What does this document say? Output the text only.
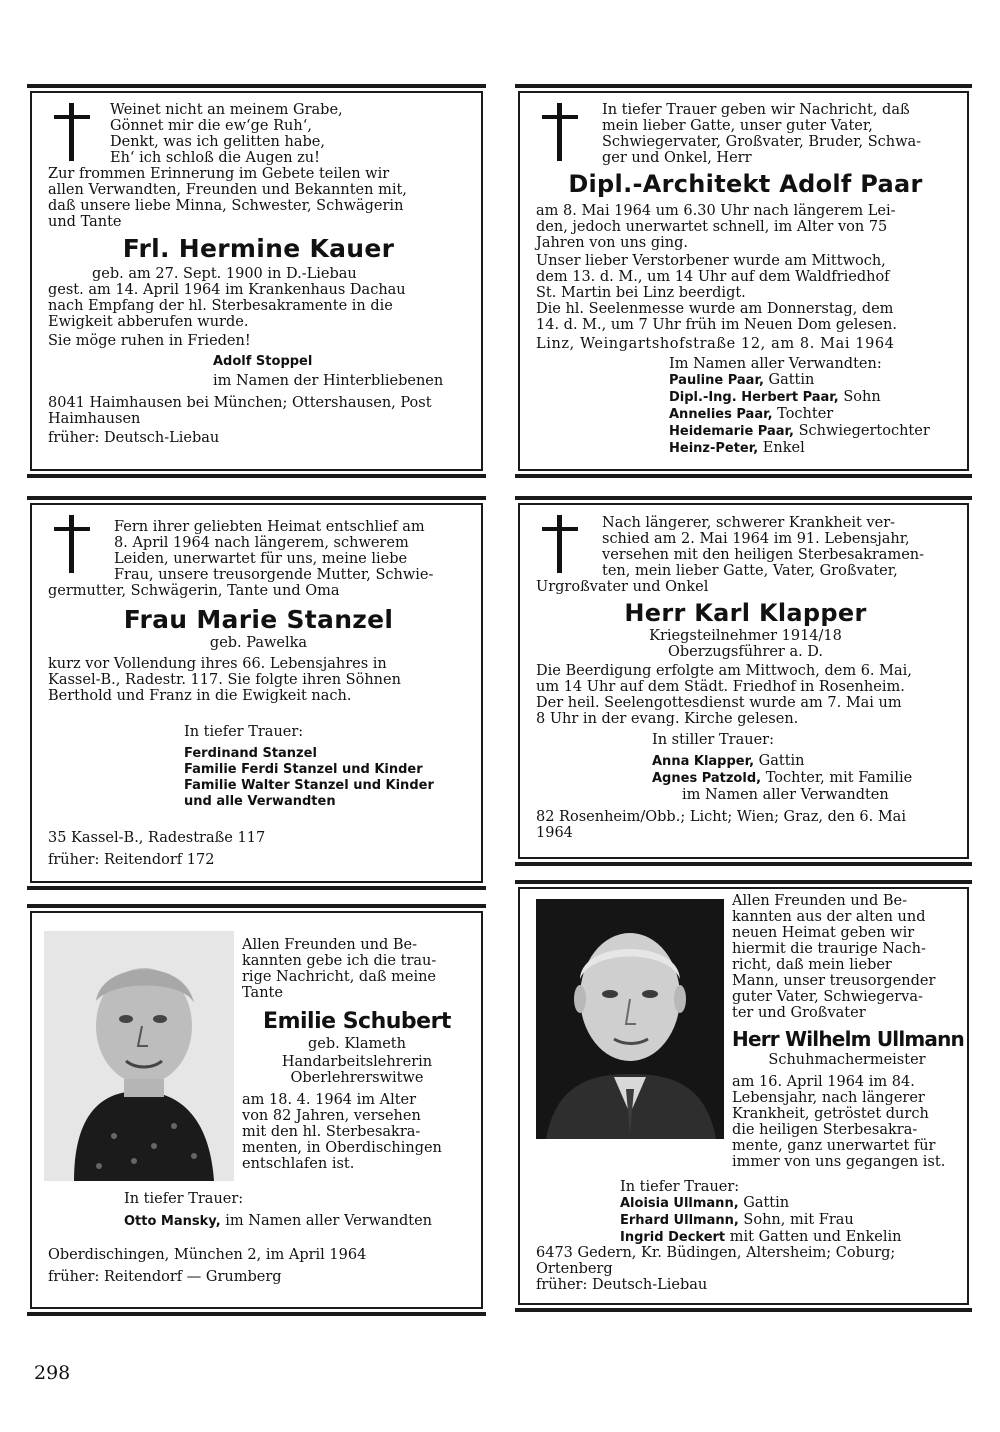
Weinet nicht an meinem Grabe,

Gönnet mir die ew‘ge Ruh‘,

Denkt, was ich gelitten habe,

Eh‘ ich schloß die Augen zu!

Zur frommen Erinnerung im Gebete teilen wir

allen Verwandten, Freunden und Bekannten mit,

daß unsere liebe Minna, Schwester, Schwägerin

und Tante

Frl. Hermine Kauer

geb. am 27. Sept. 1900 in D.-Liebau

gest. am 14. April 1964 im Krankenhaus Dachau

nach Empfang der hl. Sterbesakramente in die

Ewigkeit abberufen wurde.

Sie möge ruhen in Frieden!

Adolf Stoppel

im Namen der Hinterbliebenen

8041 Haimhausen bei München; Ottershausen, Post

Haimhausen

früher: Deutsch-Liebau

In tiefer Trauer geben wir Nachricht, daß

mein lieber Gatte, unser guter Vater,

Schwiegervater, Großvater, Bruder, Schwa-

ger und Onkel, Herr

Dipl.-Architekt Adolf Paar

am 8. Mai 1964 um 6.30 Uhr nach längerem Lei-

den, jedoch unerwartet schnell, im Alter von 75

Jahren von uns ging.

Unser lieber Verstorbener wurde am Mittwoch,

dem 13. d. M., um 14 Uhr auf dem Waldfriedhof

St. Martin bei Linz beerdigt.

Die hl. Seelenmesse wurde am Donnerstag, dem

14. d. M., um 7 Uhr früh im Neuen Dom gelesen.

Linz, Weingartshofstraße 12, am 8. Mai 1964

Im Namen aller Verwandten:

Pauline Paar, Gattin

Dipl.-Ing. Herbert Paar, Sohn

Annelies Paar, Tochter

Heidemarie Paar, Schwiegertochter

Heinz-Peter, Enkel

Fern ihrer geliebten Heimat entschlief am

8. April 1964 nach längerem, schwerem

Leiden, unerwartet für uns, meine liebe

Frau, unsere treusorgende Mutter, Schwie-

germutter, Schwägerin, Tante und Oma

Frau Marie Stanzel

geb. Pawelka

kurz vor Vollendung ihres 66. Lebensjahres in

Kassel-B., Radestr. 117. Sie folgte ihren Söhnen

Berthold und Franz in die Ewigkeit nach.

In tiefer Trauer:

Ferdinand Stanzel

Familie Ferdi Stanzel und Kinder

Familie Walter Stanzel und Kinder

und alle Verwandten

35 Kassel-B., Radestraße 117

früher: Reitendorf 172

Nach längerer, schwerer Krankheit ver-

schied am 2. Mai 1964 im 91. Lebensjahr,

versehen mit den heiligen Sterbesakramen-

ten, mein lieber Gatte, Vater, Großvater,

Urgroßvater und Onkel

Herr Karl Klapper

Kriegsteilnehmer 1914/18

Oberzugsführer a. D.

Die Beerdigung erfolgte am Mittwoch, dem 6. Mai,

um 14 Uhr auf dem Städt. Friedhof in Rosenheim.

Der heil. Seelengottesdienst wurde am 7. Mai um

8 Uhr in der evang. Kirche gelesen.

In stiller Trauer:

Anna Klapper, Gattin

Agnes Patzold, Tochter, mit Familie

im Namen aller Verwandten

82 Rosenheim/Obb.; Licht; Wien; Graz, den 6. Mai

1964

Allen Freunden und Be-

kannten gebe ich die trau-

rige Nachricht, daß meine

Tante

Emilie Schubert

geb. Klameth

Handarbeitslehrerin

Oberlehrerswitwe

am 18. 4. 1964 im Alter

von 82 Jahren, versehen

mit den hl. Sterbesakra-

menten, in Oberdischingen

entschlafen ist.

In tiefer Trauer:

Otto Mansky, im Namen aller Verwandten

Oberdischingen, München 2, im April 1964

früher: Reitendorf — Grumberg

Allen Freunden und Be-

kannten aus der alten und

neuen Heimat geben wir

hiermit die traurige Nach-

richt, daß mein lieber

Mann, unser treusorgender

guter Vater, Schwiegerva-

ter und Großvater

Herr Wilhelm Ullmann

Schuhmachermeister

am 16. April 1964 im 84.

Lebensjahr, nach längerer

Krankheit, getröstet durch

die heiligen Sterbesakra-

mente, ganz unerwartet für

immer von uns gegangen ist.

In tiefer Trauer:

Aloisia Ullmann, Gattin

Erhard Ullmann, Sohn, mit Frau

Ingrid Deckert mit Gatten und Enkelin

6473 Gedern, Kr. Büdingen, Altersheim; Coburg;

Ortenberg

früher: Deutsch-Liebau

298
